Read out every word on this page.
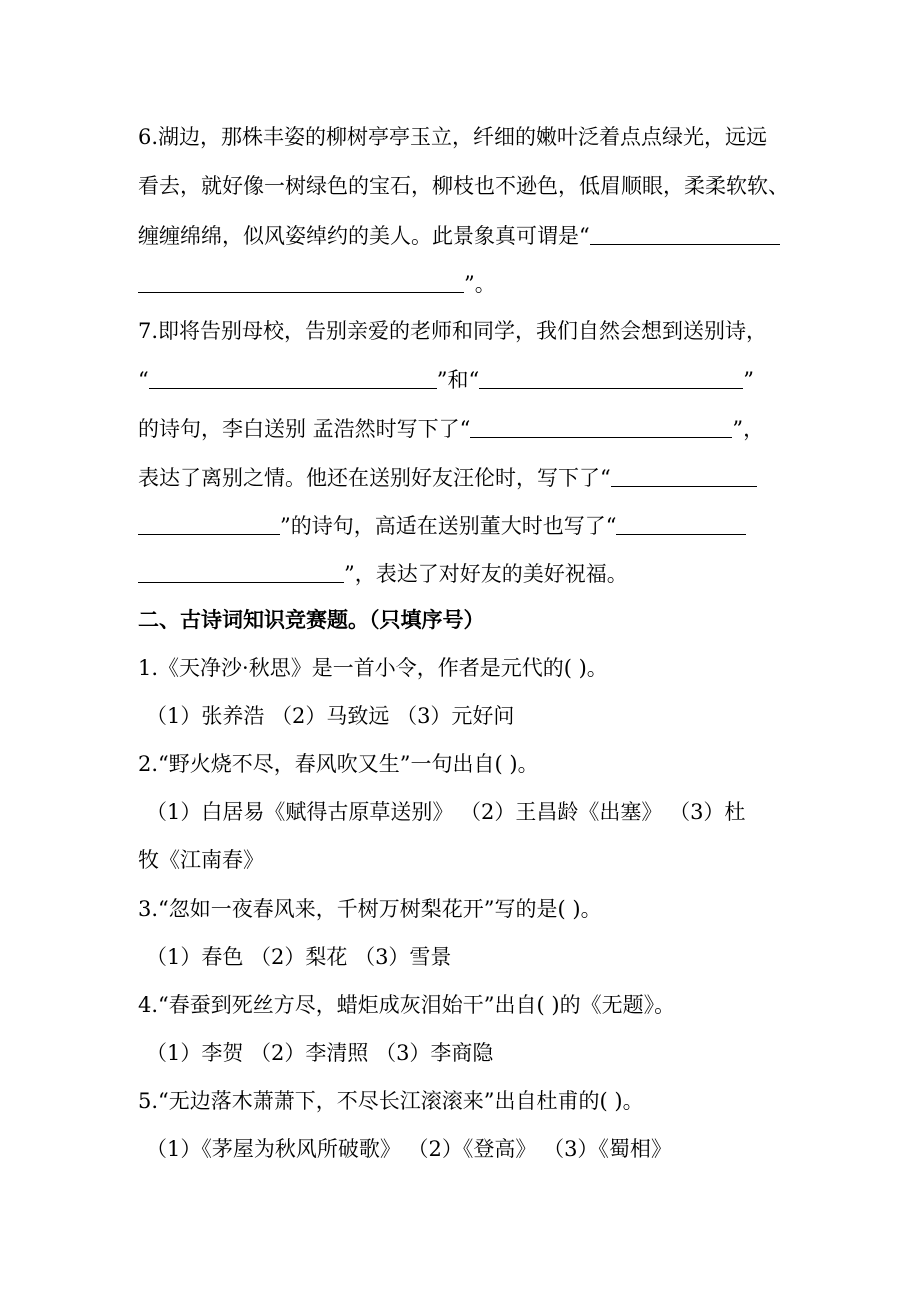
6.湖边，那株丰姿的柳树亭亭玉立，纤细的嫩叶泛着点点绿光，远远
看去，就好像一树绿色的宝石，柳枝也不逊色，低眉顺眼，柔柔软软、
缠缠绵绵，似风姿绰约的美人。此景象真可谓是“
”。
7.即将告别母校，告别亲爱的老师和同学，我们自然会想到送别诗，
“	”和“	”
的诗句，李白送别 孟浩然时写下了“	”，
表达了离别之情。他还在送别好友汪伦时，写下了“
”的诗句，高适在送别董大时也写了“
”，表达了对好友的美好祝福。
二、古诗词知识竞赛题。（只填序号）
1.《天净沙·秋思》是一首小令，作者是元代的( )。
（1）张养浩 （2）马致远 （3）元好问
2.“野火烧不尽，春风吹又生”一句出自( )。
（1）白居易《赋得古原草送别》 （2）王昌龄《出塞》 （3）杜
牧《江南春》
3.“忽如一夜春风来，千树万树梨花开”写的是( )。
（1）春色 （2）梨花 （3）雪景
4.“春蚕到死丝方尽，蜡炬成灰泪始干”出自( )的《无题》。
（1）李贺 （2）李清照 （3）李商隐
5.“无边落木萧萧下，不尽长江滚滚来”出自杜甫的( )。
（1）《茅屋为秋风所破歌》 （2）《登高》 （3）《蜀相》
